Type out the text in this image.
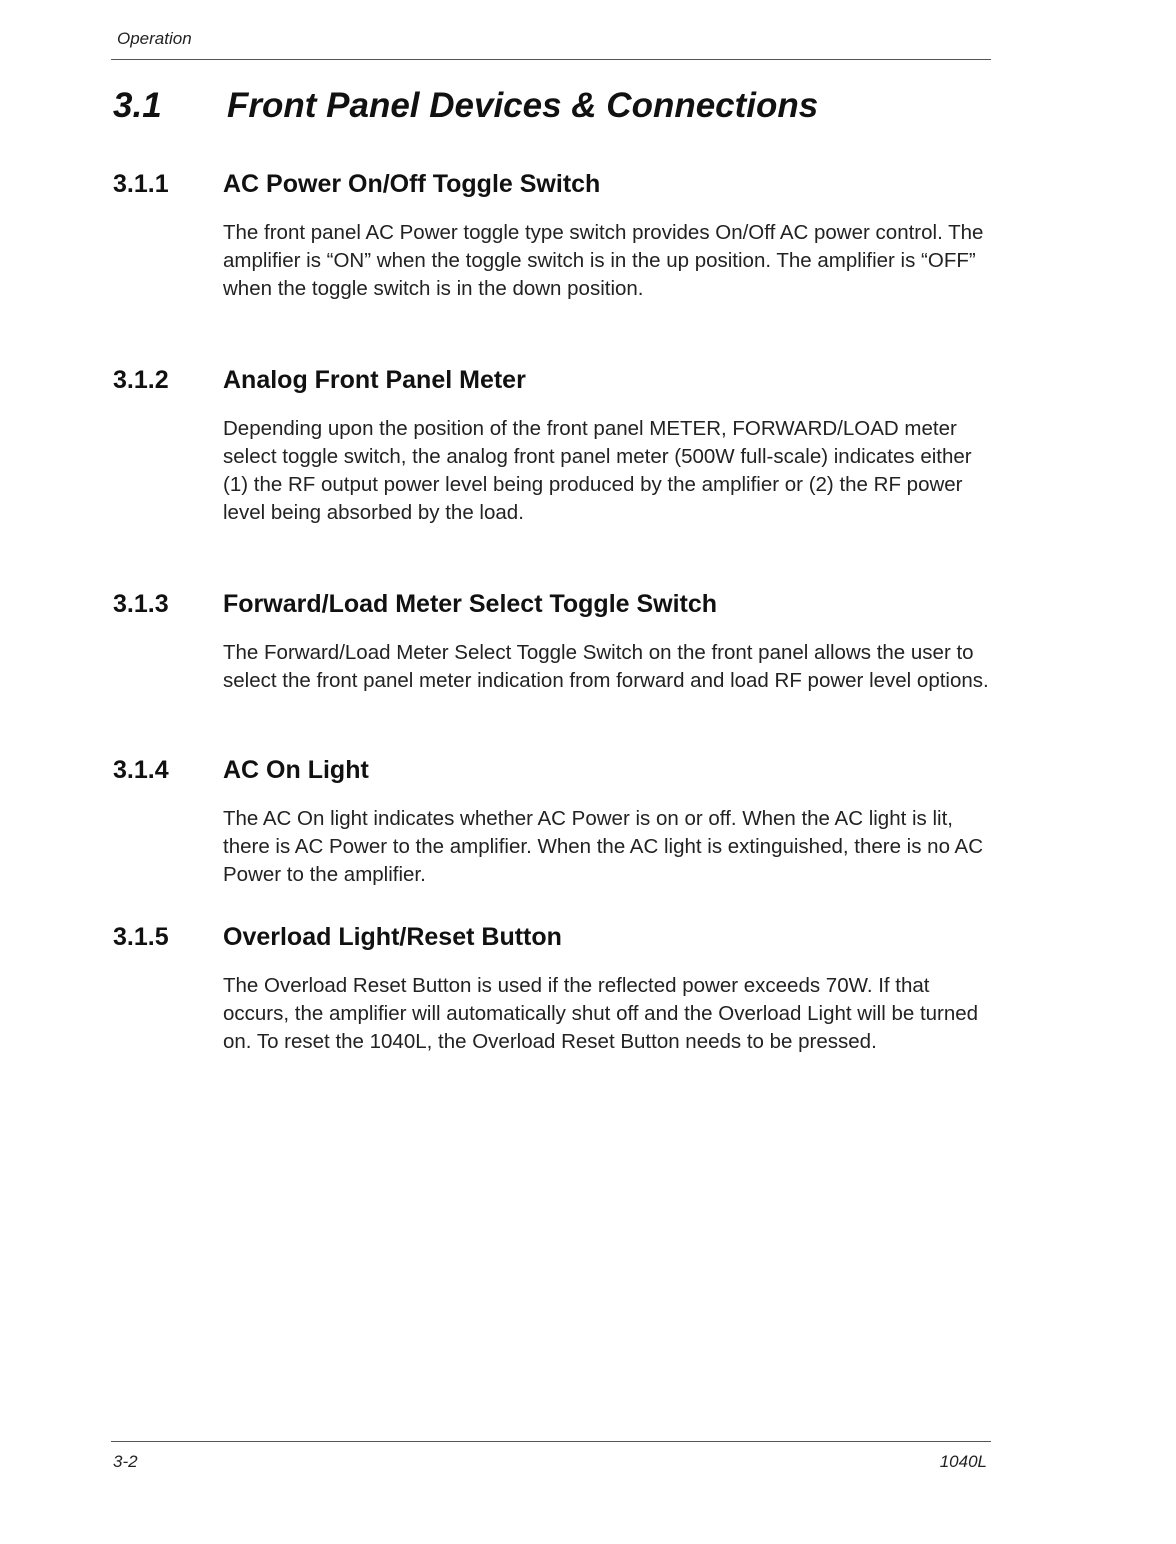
Operation
3.1 Front Panel Devices & Connections
3.1.1 AC Power On/Off Toggle Switch
The front panel AC Power toggle type switch provides On/Off AC power control. The amplifier is “ON” when the toggle switch is in the up position. The amplifier is “OFF” when the toggle switch is in the down position.
3.1.2 Analog Front Panel Meter
Depending upon the position of the front panel METER, FORWARD/LOAD meter select toggle switch, the analog front panel meter (500W full-scale) indicates either (1) the RF output power level being produced by the amplifier or (2) the RF power level being absorbed by the load.
3.1.3 Forward/Load Meter Select Toggle Switch
The Forward/Load Meter Select Toggle Switch on the front panel allows the user to select the front panel meter indication from forward and load RF power level options.
3.1.4 AC On Light
The AC On light indicates whether AC Power is on or off. When the AC light is lit, there is AC Power to the amplifier. When the AC light is extinguished, there is no AC Power to the amplifier.
3.1.5 Overload Light/Reset Button
The Overload Reset Button is used if the reflected power exceeds 70W. If that occurs, the amplifier will automatically shut off and the Overload Light will be turned on. To reset the 1040L, the Overload Reset Button needs to be pressed.
3-2	1040L
